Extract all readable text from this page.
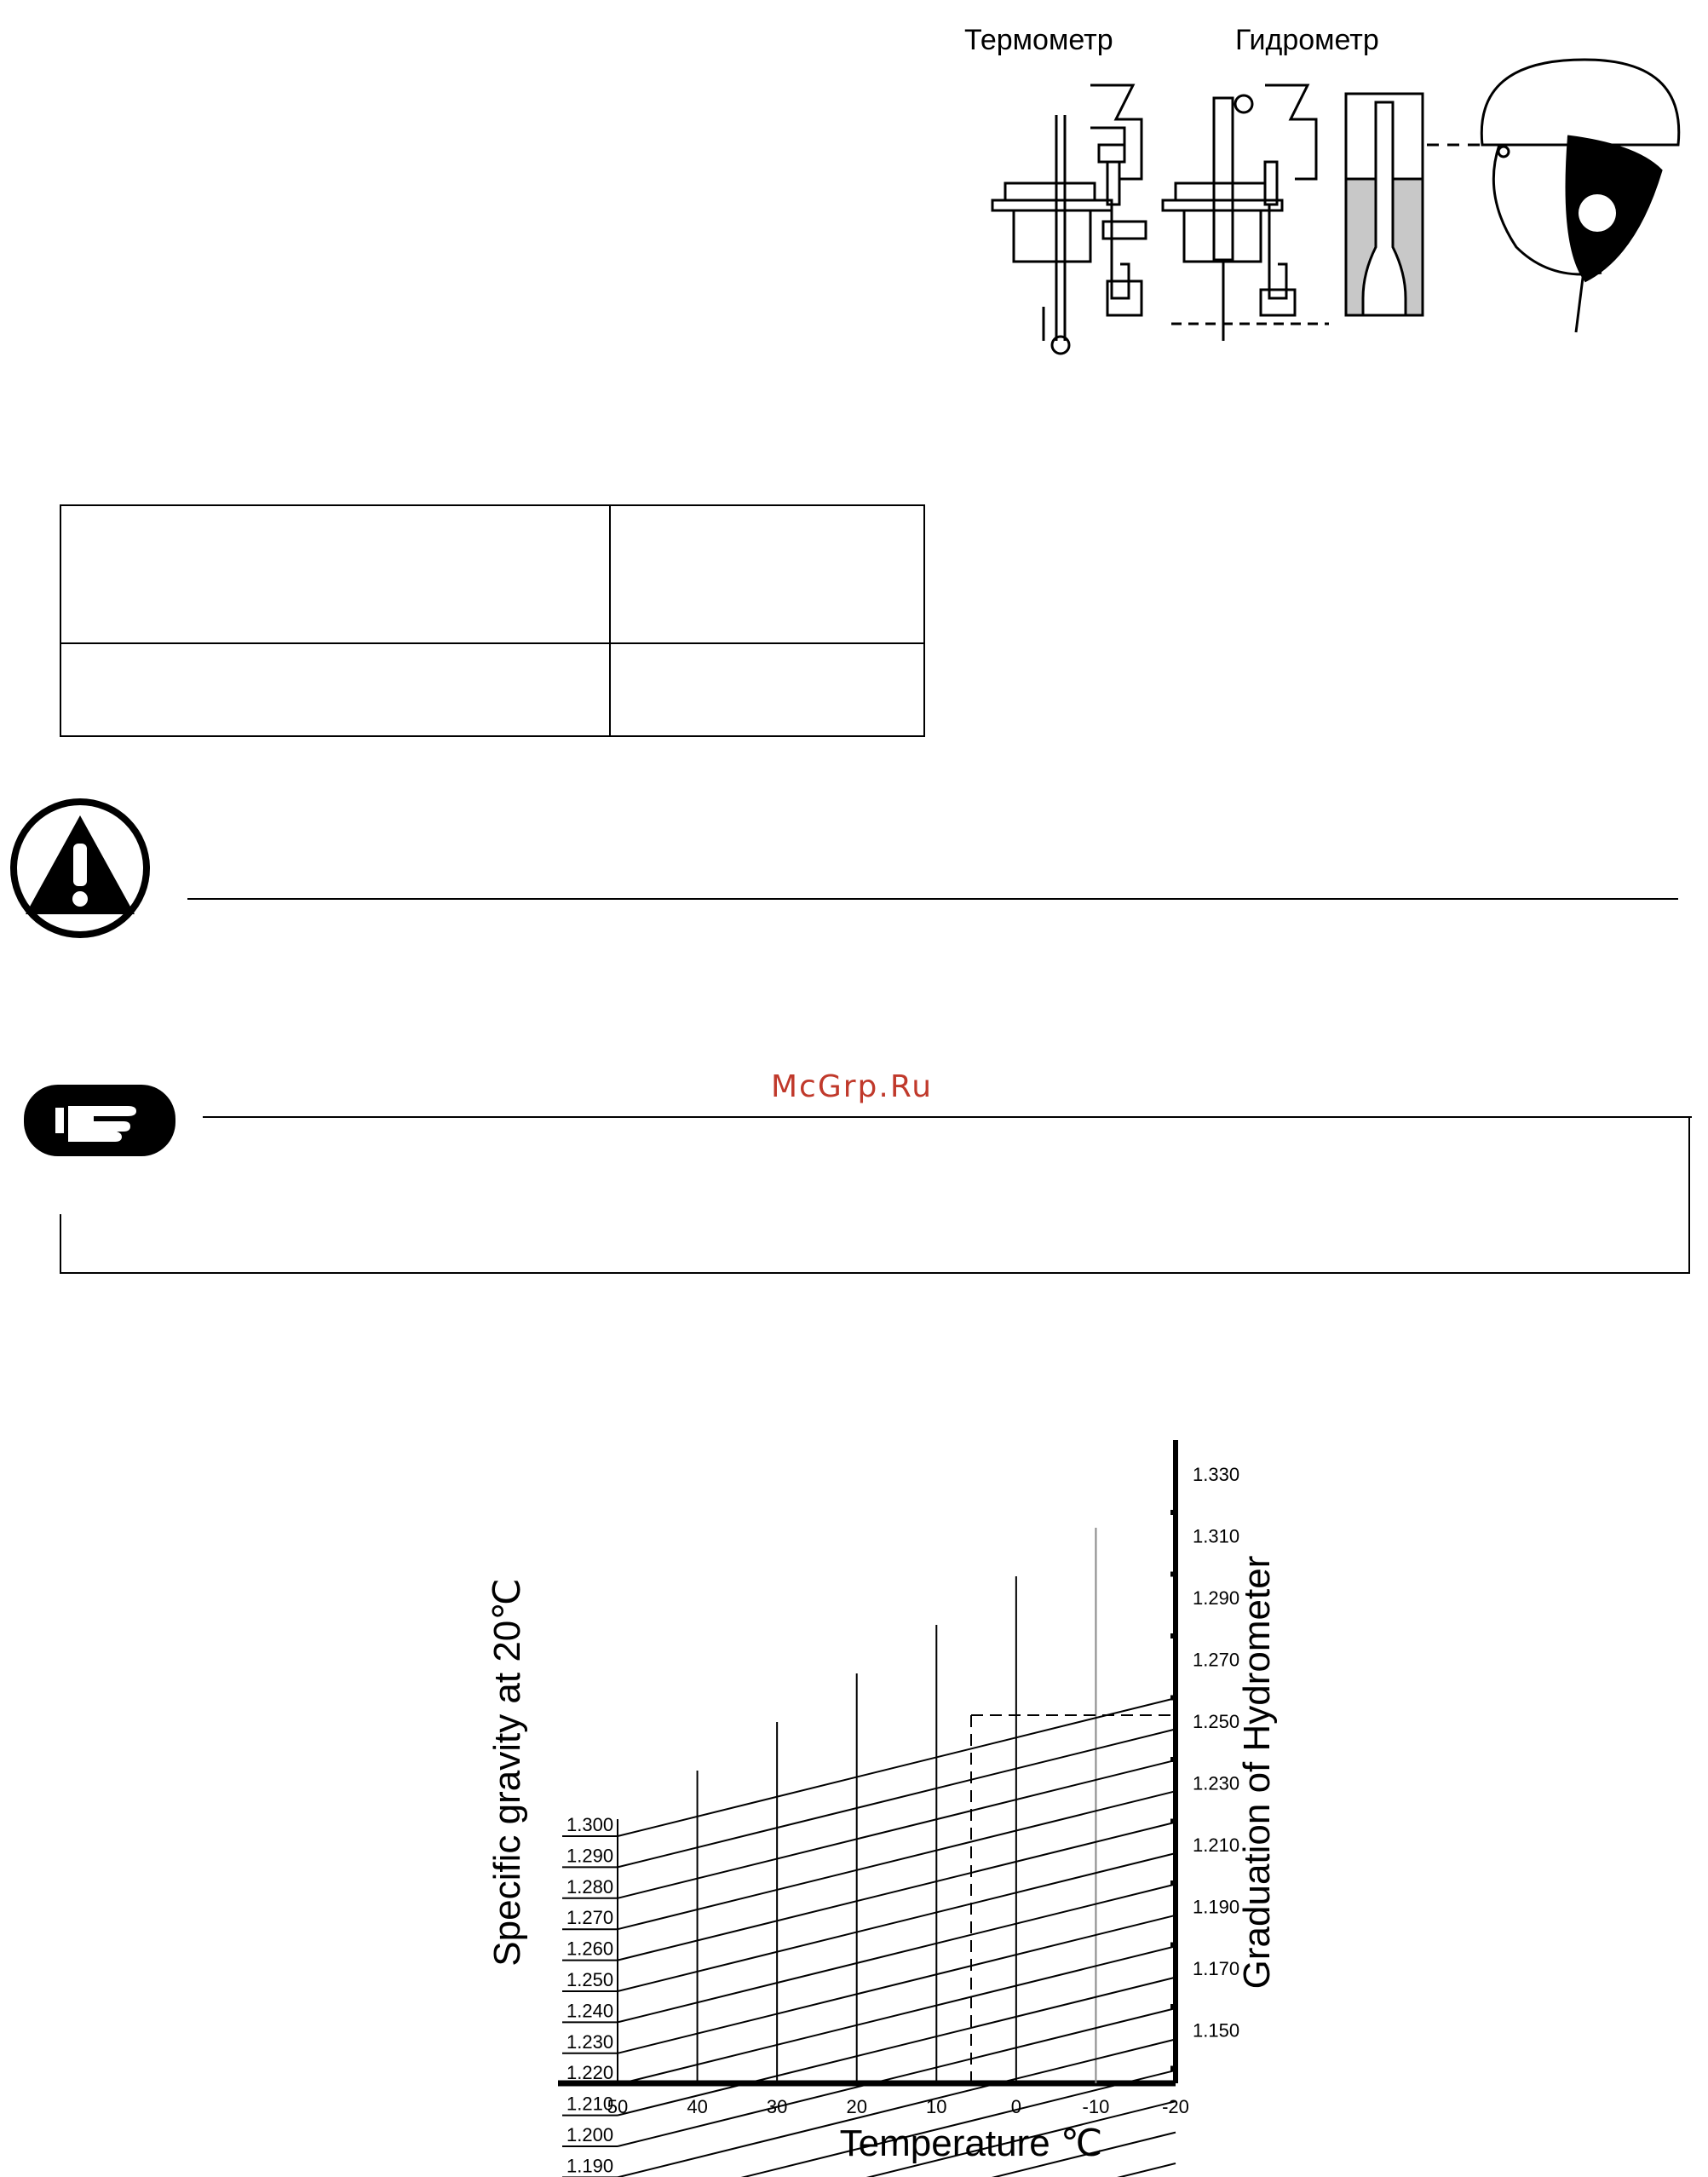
Термометр	Гидрометр
McGrp.Ru
1.300
1.290
1.280
1.270
1.260
1.250
1.240
1.230
1.220
1.210
1.200
1.190
1.330
1.310
1.290
1.270
1.250
1.230
1.210
1.190
1.170
1.150
50	40	30	20	10	0	-10	-20
Temperature ℃
Specific gravity at 20℃	Graduation of Hydrometer
